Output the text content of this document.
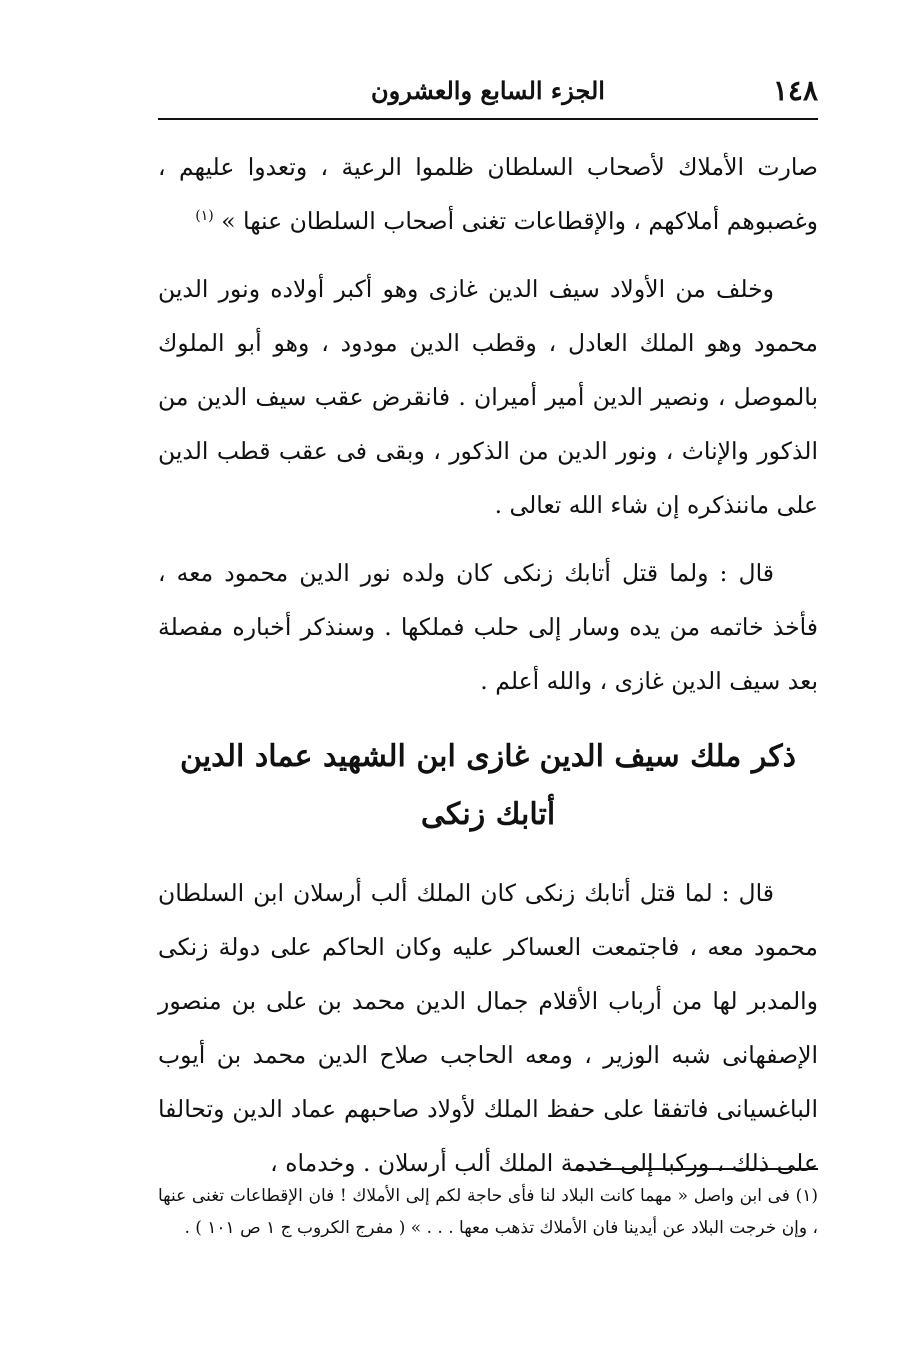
١٤٨
الجزء السابع والعشرون

صارت الأملاك لأصحاب السلطان ظلموا الرعية ، وتعدوا عليهم ، وغصبوهم أملاكهم ، والإقطاعات تغنى أصحاب السلطان عنها » $^{(١)}$

وخلف من الأولاد سيف الدين غازى وهو أكبر أولاده ونور الدين محمود وهو الملك العادل ، وقطب الدين مودود ، وهو أبو الملوك بالموصل ، ونصير الدين أمير أميران . فانقرض عقب سيف الدين من الذكور والإناث ، ونور الدين من الذكور ، وبقى فى عقب قطب الدين على ماننذكره إن شاء الله تعالى .

قال : ولما قتل أتابك زنكى كان ولده نور الدين محمود معه ، فأخذ خاتمه من يده وسار إلى حلب فملكها . وسنذكر أخباره مفصلة بعد سيف الدين غازى ، والله أعلم .

ذكر ملك سيف الدين غازى ابن الشهيد عماد الدين
أتابك زنكى

قال : لما قتل أتابك زنكى كان الملك ألب أرسلان ابن السلطان محمود معه ، فاجتمعت العساكر عليه وكان الحاكم على دولة زنكى والمدبر لها من أرباب الأقلام جمال الدين محمد بن على بن منصور الإصفهانى شبه الوزير ، ومعه الحاجب صلاح الدين محمد بن أيوب الباغسيانى فاتفقا على حفظ الملك لأولاد صاحبهم عماد الدين وتحالفا على ذلك ، وركبا إلى خدمة الملك ألب أرسلان . وخدماه ،

(١) فى ابن واصل « مهما كانت البلاد لنا فأى حاجة لكم إلى الأملاك ! فان الإقطاعات تغنى عنها ، وإن خرجت البلاد عن أيدينا فان الأملاك تذهب معها . . . » ( مفرج الكروب ج ١ ص ١٠١ ) .
